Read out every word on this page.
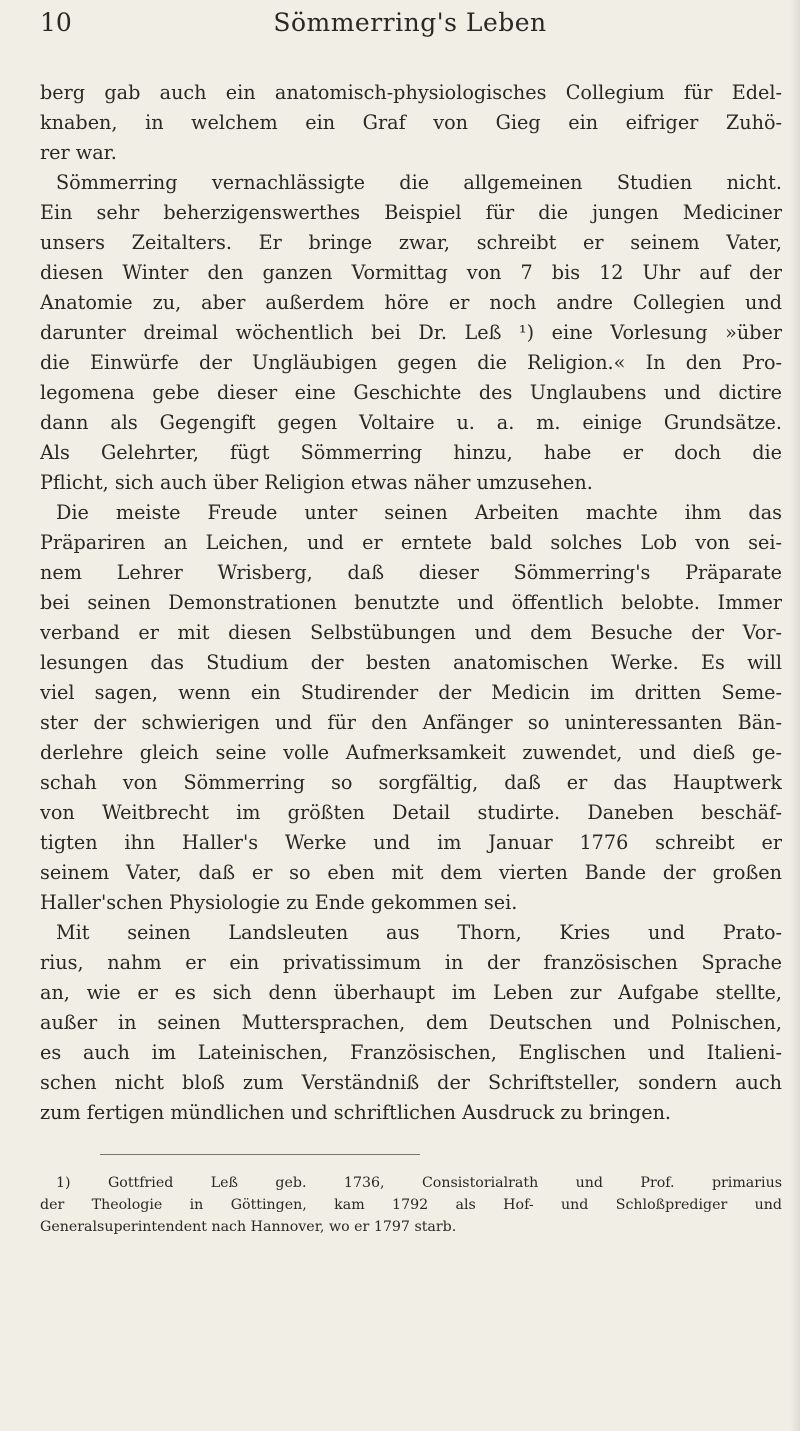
10	Sömmerring's Leben
berg gab auch ein anatomisch-physiologisches Collegium für Edel-
knaben, in welchem ein Graf von Gieg ein eifriger Zuhö-
rer war.
Sömmerring vernachlässigte die allgemeinen Studien nicht.
Ein sehr beherzigenswerthes Beispiel für die jungen Mediciner
unsers Zeitalters. Er bringe zwar, schreibt er seinem Vater,
diesen Winter den ganzen Vormittag von 7 bis 12 Uhr auf der
Anatomie zu, aber außerdem höre er noch andre Collegien und
darunter dreimal wöchentlich bei Dr. Leß ¹) eine Vorlesung »über
die Einwürfe der Ungläubigen gegen die Religion.« In den Pro-
legomena gebe dieser eine Geschichte des Unglaubens und dictire
dann als Gegengift gegen Voltaire u. a. m. einige Grundsätze.
Als Gelehrter, fügt Sömmerring hinzu, habe er doch die
Pflicht, sich auch über Religion etwas näher umzusehen.
Die meiste Freude unter seinen Arbeiten machte ihm das
Präpariren an Leichen, und er erntete bald solches Lob von sei-
nem Lehrer Wrisberg, daß dieser Sömmerring's Präparate
bei seinen Demonstrationen benutzte und öffentlich belobte. Immer
verband er mit diesen Selbstübungen und dem Besuche der Vor-
lesungen das Studium der besten anatomischen Werke. Es will
viel sagen, wenn ein Studirender der Medicin im dritten Seme-
ster der schwierigen und für den Anfänger so uninteressanten Bän-
derlehre gleich seine volle Aufmerksamkeit zuwendet, und dieß ge-
schah von Sömmerring so sorgfältig, daß er das Hauptwerk
von Weitbrecht im größten Detail studirte. Daneben beschäf-
tigten ihn Haller's Werke und im Januar 1776 schreibt er
seinem Vater, daß er so eben mit dem vierten Bande der großen
Haller'schen Physiologie zu Ende gekommen sei.
Mit seinen Landsleuten aus Thorn, Kries und Prato-
rius, nahm er ein privatissimum in der französischen Sprache
an, wie er es sich denn überhaupt im Leben zur Aufgabe stellte,
außer in seinen Muttersprachen, dem Deutschen und Polnischen,
es auch im Lateinischen, Französischen, Englischen und Italieni-
schen nicht bloß zum Verständniß der Schriftsteller, sondern auch
zum fertigen mündlichen und schriftlichen Ausdruck zu bringen.
1) Gottfried Leß geb. 1736, Consistorialrath und Prof. primarius
der Theologie in Göttingen, kam 1792 als Hof- und Schloßprediger und
Generalsuperintendent nach Hannover, wo er 1797 starb.
